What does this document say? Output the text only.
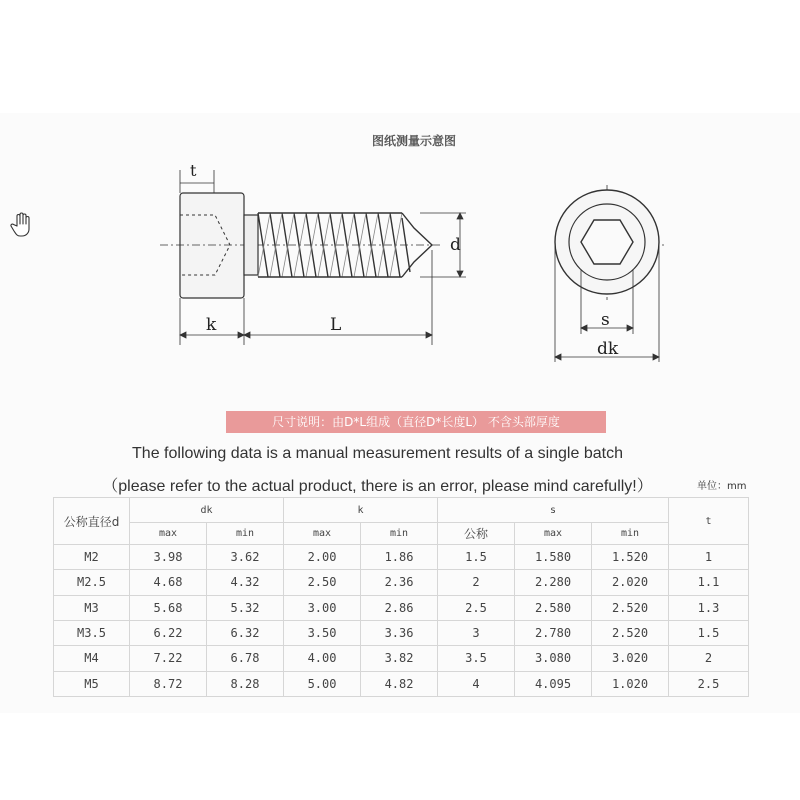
图纸测量示意图
t
k	L
d
s
dk
尺寸说明：由D*L组成（直径D*长度L） 不含头部厚度
The following data is a manual measurement results of a single batch
（please refer to the actual product, there is an error, please mind carefully!）	单位：mm
公称直径d	dk		k		s			t
	max	min	max	min	公称	max	min	
M2	3.98	3.62	2.00	1.86	1.5	1.580	1.520	1
M2.5	4.68	4.32	2.50	2.36	2	2.280	2.020	1.1
M3	5.68	5.32	3.00	2.86	2.5	2.580	2.520	1.3
M3.5	6.22	6.32	3.50	3.36	3	2.780	2.520	1.5
M4	7.22	6.78	4.00	3.82	3.5	3.080	3.020	2
M5	8.72	8.28	5.00	4.82	4	4.095	1.020	2.5
